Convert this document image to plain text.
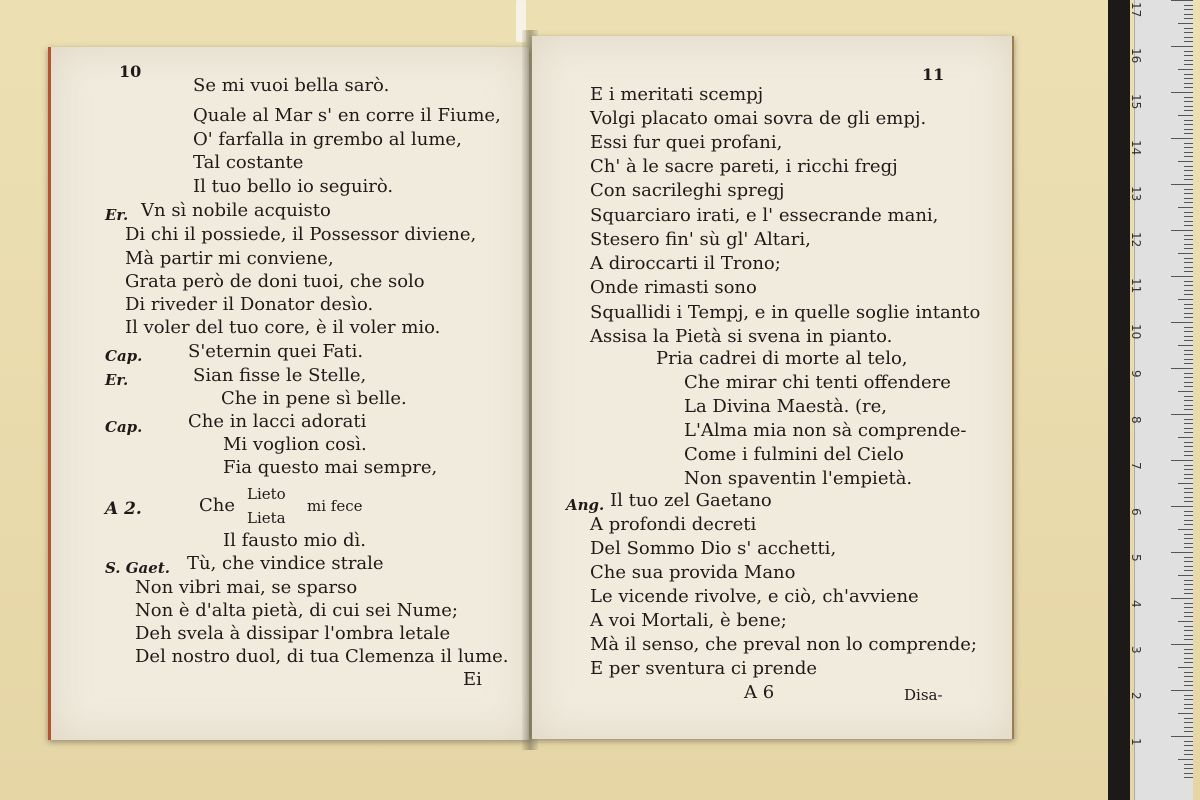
10
Se mi vuoi bella sarò.
Quale al Mar s' en corre il Fiume,
O' farfalla in grembo al lume,
Tal costante
Il tuo bello io seguirò.
Er. Vn sì nobile acquisto
Di chi il possiede, il Possessor diviene,
Mà partir mi conviene,
Grata però de doni tuoi, che solo
Di riveder il Donator desìo.
Il voler del tuo core, è il voler mio.
Cap.	S'eternin quei Fati.
Er.	Sian fisse le Stelle,
Che in pene sì belle.
Cap.	Che in lacci adorati
Mi voglion così.
Fia questo mai sempre,
Lieto
A 2.	Che	mi fece
Lieta
Il fausto mio dì.
S. Gaet. Tù, che vindice strale
Non vibri mai, se sparso
Non è d'alta pietà, di cui sei Nume;
Deh svela à dissipar l'ombra letale
Del nostro duol, di tua Clemenza il lume.
Ei
11
E i meritati scempj
Volgi placato omai sovra de gli empj.
Essi fur quei profani,
Ch' à le sacre pareti, i ricchi fregj
Con sacrileghi spregj
Squarciaro irati, e l' essecrande mani,
Stesero fin' sù gl' Altari,
A diroccarti il Trono;
Onde rimasti sono
Squallidi i Tempj, e in quelle soglie intanto
Assisa la Pietà si svena in pianto.
Pria cadrei di morte al telo,
Che mirar chi tenti offendere
La Divina Maestà. (re,
L'Alma mia non sà comprende-
Come i fulmini del Cielo
Non spaventin l'empietà.
Ang. Il tuo zel Gaetano
A profondi decreti
Del Sommo Dio s' acchetti,
Che sua provida Mano
Le vicende rivolve, e ciò, ch'avviene
A voi Mortali, è bene;
Mà il senso, che preval non lo comprende;
E per sventura ci prende
A 6	Disa-
17
16
15
14
13
12
11
10
9
8
7
6
5
4
3
2
1
